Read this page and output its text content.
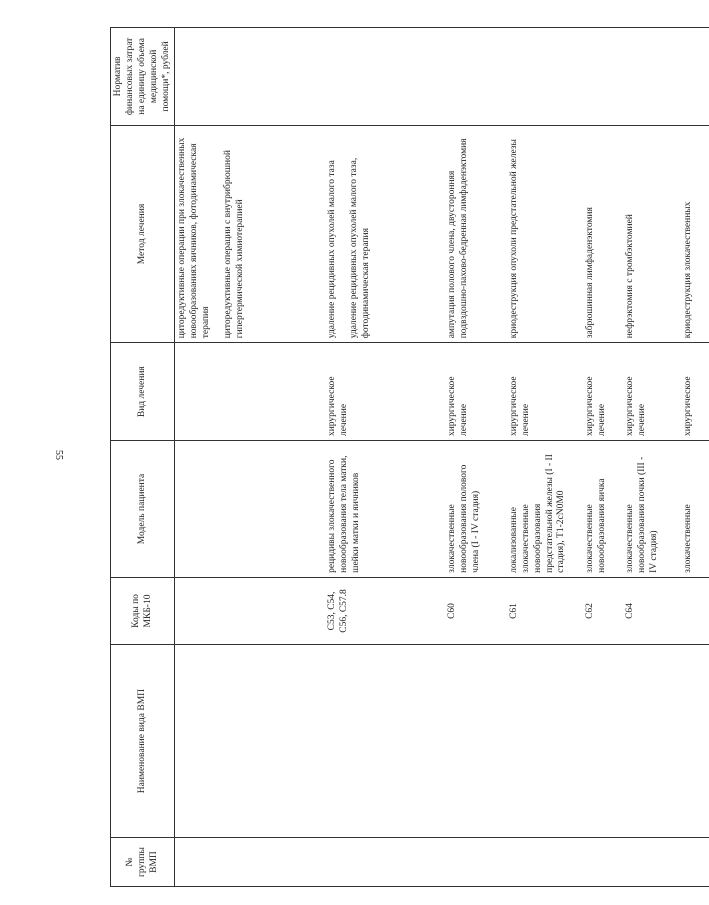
55
№ группы ВМП	Наименование вида ВМП	Коды по МКБ-10	Модель пациента	Вид лечения	Метод лечения	Норматив финансовых затрат на единицу объема медицинской помощи*, рублей

					циторедуктивные операции при злокачественных новообразованиях яичников, фотодинамическая терапия циторедуктивные операции с внутрибрюшной гипертермической химиотерапией	

		C53, C54, C56, C57.8	рецидивы злокачественного новообразования тела матки, шейки матки и яичников	хирургическое лечение	удаление рецидивных опухолей малого таза удаление рецидивных опухолей малого таза, фотодинамическая терапия	

		C60	злокачественные новообразования полового члена (I - IV стадия)	хирургическое лечение	ампутация полового члена, двусторонняя подвздошно-пахово-бедренная лимфаденэктомия	

		C61	локализованные злокачественные новообразования предстательной железы (I - II стадия), T1-2cN0M0	хирургическое лечение	криодеструкция опухоли предстательной железы	

		C62	злокачественные новообразования яичка	хирургическое лечение	забрюшинная лимфаденэктомия	

		C64	злокачественные новообразования почки (III - IV стадия)	хирургическое лечение	нефрэктомия с тромбэктомией	

			злокачественные	хирургическое	криодеструкция злокачественных	
